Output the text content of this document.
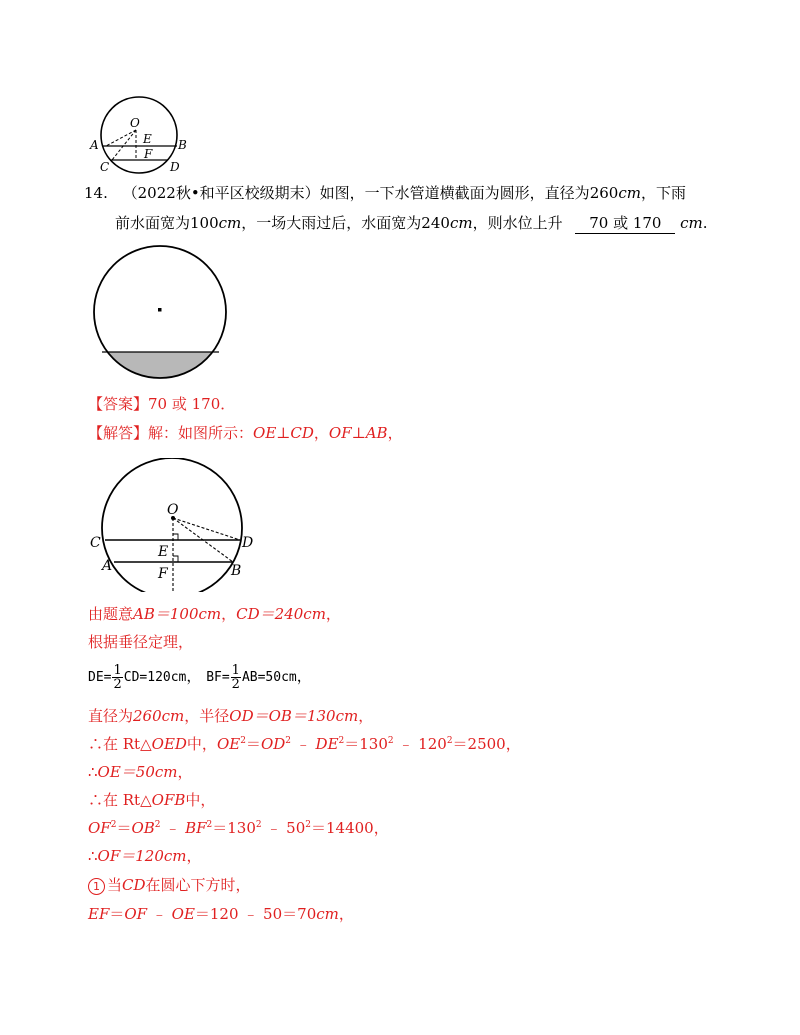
O
E
A	B
F
C	D
14. （2022秋•和平区校级期末）如图，一下水管道横截面为圆形，直径为260cm，下雨
前水面宽为100cm，一场大雨过后，水面宽为240cm，则水位上升 70 或 170 cm.
【答案】70 或 170．
【解答】解：如图所示：OE⊥CD，OF⊥AB，
O
C	D
E
A	F	B
由题意AB＝100cm，CD＝240cm，
根据垂径定理，
$DE= \frac{1}{2} CD=120cm$， $BF= \frac{1}{2} AB=50cm$，
直径为260cm，半径OD＝OB＝130cm，
∴在 Rt△OED中，$OE^2=OD^2$ ﹣ $DE^2=130^2$ ﹣ $120^2=2500$，
∴OE＝50cm，
∴在 Rt△OFB中，
$OF^2=OB^2$ ﹣ $BF^2=130^2$ ﹣ $50^2=14400$，
∴OF＝120cm，
1 当CD在圆心下方时，
EF＝OF ﹣ OE＝120 ﹣ 50＝70cm，
